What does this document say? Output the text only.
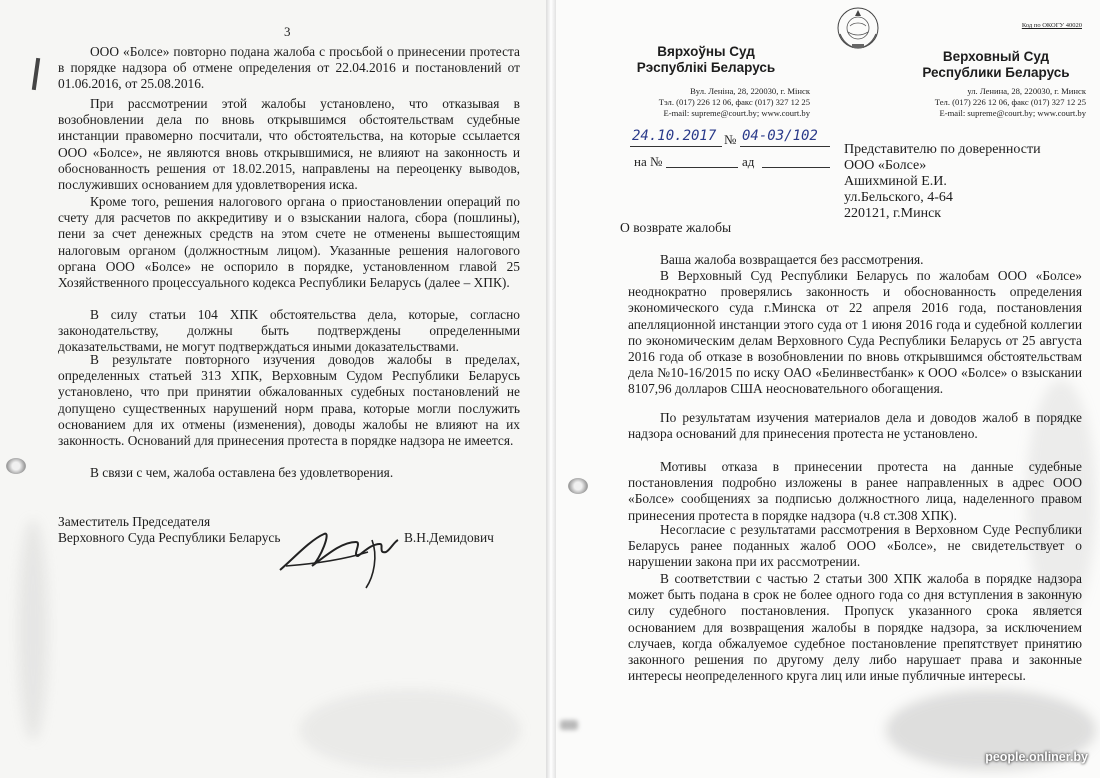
3

ООО «Болсе» повторно подана жалоба с просьбой о принесении протеста в порядке надзора об отмене определения от 22.04.2016 и постановлений от 01.06.2016, от 25.08.2016.

При рассмотрении этой жалобы установлено, что отказывая в возобновлении дела по вновь открывшимся обстоятельствам судебные инстанции правомерно посчитали, что обстоятельства, на которые ссылается ООО «Болсе», не являются вновь открывшимися, не влияют на законность и обоснованность решения от 18.02.2015, направлены на переоценку выводов, послуживших основанием для удовлетворения иска.

Кроме того, решения налогового органа о приостановлении операций по счету для расчетов по аккредитиву и о взыскании налога, сбора (пошлины), пени за счет денежных средств на этом счете не отменены вышестоящим налоговым органом (должностным лицом). Указанные решения налогового органа ООО «Болсе» не оспорило в порядке, установленном главой 25 Хозяйственного процессуального кодекса Республики Беларусь (далее – ХПК).

В силу статьи 104 ХПК обстоятельства дела, которые, согласно законодательству, должны быть подтверждены определенными доказательствами, не могут подтверждаться иными доказательствами.

В результате повторного изучения доводов жалобы в пределах, определенных статьей 313 ХПК, Верховным Судом Республики Беларусь установлено, что при принятии обжалованных судебных постановлений не допущено существенных нарушений норм права, которые могли послужить основанием для их отмены (изменения), доводы жалобы не влияют на их законность. Оснований для принесения протеста в порядке надзора не имеется.

В связи с чем, жалоба оставлена без удовлетворения.

Заместитель Председателя
Верховного Суда Республики Беларусь	В.Н.Демидович
Код по ОКОГУ 40020
Вярхоўны Суд
Рэспублікі Беларусь
Верховный Суд
Республики Беларусь
Вул. Леніна, 28, 220030, г. Мінск
Тэл. (017) 226 12 06, факс (017) 327 12 25
E-mail: supreme@court.by; www.court.by
ул. Ленина, 28, 220030, г. Минск
Тел. (017) 226 12 06, факс (017) 327 12 25
E-mail: supreme@court.by; www.court.by
24.10.2017 № 04-03/102
на №	ад
Представителю по доверенности
ООО «Болсе»
Ашихминой Е.И.
ул.Бельского, 4-64
220121, г.Минск
О возврате жалобы

Ваша жалоба возвращается без рассмотрения.

В Верховный Суд Республики Беларусь по жалобам ООО «Болсе» неоднократно проверялись законность и обоснованность определения экономического суда г.Минска от 22 апреля 2016 года, постановления апелляционной инстанции этого суда от 1 июня 2016 года и судебной коллегии по экономическим делам Верховного Суда Республики Беларусь от 25 августа 2016 года об отказе в возобновлении по вновь открывшимся обстоятельствам дела №10-16/2015 по иску ОАО «Белинвестбанк» к ООО «Болсе» о взыскании 8107,96 долларов США неосновательного обогащения.

По результатам изучения материалов дела и доводов жалоб в порядке надзора оснований для принесения протеста не установлено.

Мотивы отказа в принесении протеста на данные судебные постановления подробно изложены в ранее направленных в адрес ООО «Болсе» сообщениях за подписью должностного лица, наделенного правом принесения протеста в порядке надзора (ч.8 ст.308 ХПК).

Несогласие с результатами рассмотрения в Верховном Суде Республики Беларусь ранее поданных жалоб ООО «Болсе», не свидетельствует о нарушении закона при их рассмотрении.

В соответствии с частью 2 статьи 300 ХПК жалоба в порядке надзора может быть подана в срок не более одного года со дня вступления в законную силу судебного постановления. Пропуск указанного срока является основанием для возвращения жалобы в порядке надзора, за исключением случаев, когда обжалуемое судебное постановление препятствует принятию законного решения по другому делу либо нарушает права и законные интересы неопределенного круга лиц или иные публичные интересы.

people.onliner.by
